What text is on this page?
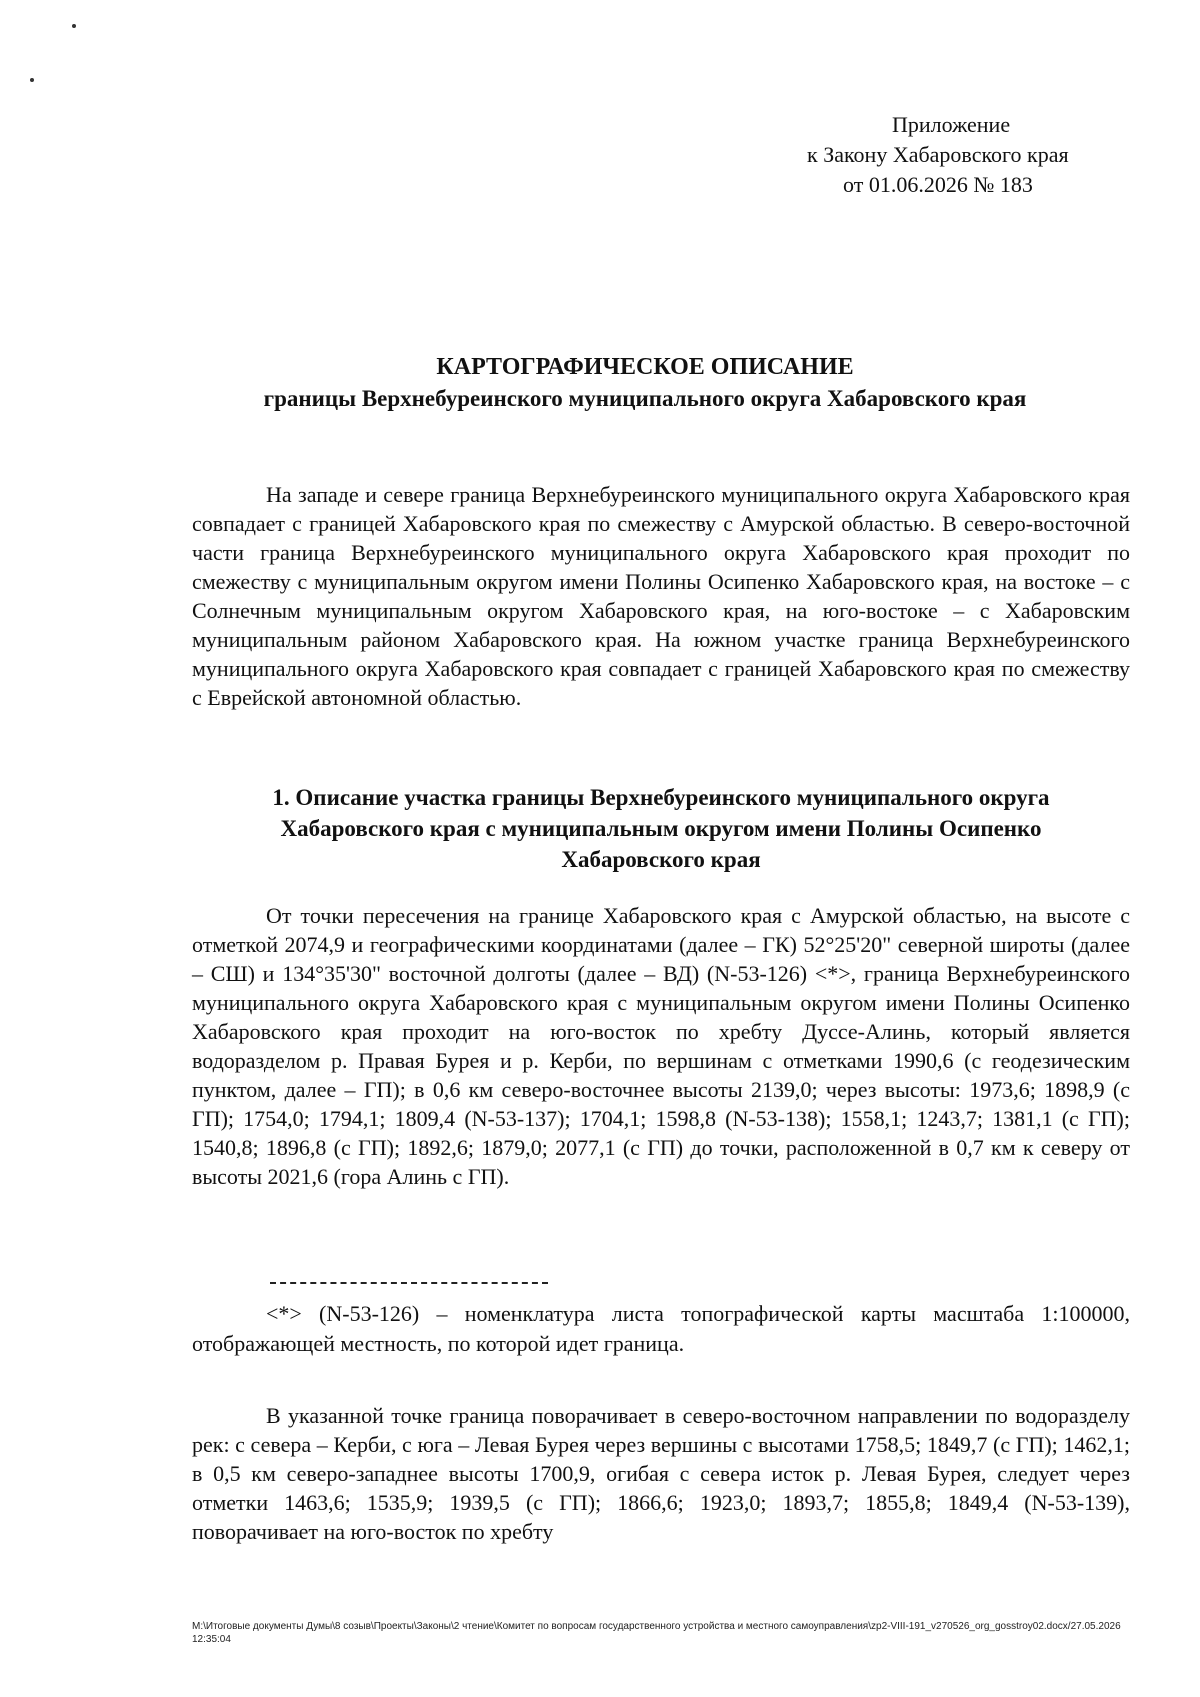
Приложение
к Закону Хабаровского края
от 01.06.2026 № 183
КАРТОГРАФИЧЕСКОЕ ОПИСАНИЕ
границы Верхнебуреинского муниципального округа Хабаровского края

На западе и севере граница Верхнебуреинского муниципального округа Хабаровского края совпадает с границей Хабаровского края по смежеству с Амурской областью. В северо-восточной части граница Верхнебуреинского муниципального округа Хабаровского края проходит по смежеству с муниципальным округом имени Полины Осипенко Хабаровского края, на востоке – с Солнечным муниципальным округом Хабаровского края, на юго-востоке – с Хабаровским муниципальным районом Хабаровского края. На южном участке граница Верхнебуреинского муниципального округа Хабаровского края совпадает с границей Хабаровского края по смежеству с Еврейской автономной областью.

1. Описание участка границы Верхнебуреинского муниципального округа
Хабаровского края с муниципальным округом имени Полины Осипенко
Хабаровского края

От точки пересечения на границе Хабаровского края с Амурской областью, на высоте с отметкой 2074,9 и географическими координатами (далее – ГК) 52°25'20" северной широты (далее – СШ) и 134°35'30" восточной долготы (далее – ВД) (N-53-126) <*>, граница Верхнебуреинского муниципального округа Хабаровского края с муниципальным округом имени Полины Осипенко Хабаровского края проходит на юго-восток по хребту Дуссе-Алинь, который является водоразделом р. Правая Бурея и р. Керби, по вершинам с отметками 1990,6 (с геодезическим пунктом, далее – ГП); в 0,6 км северо-восточнее высоты 2139,0; через высоты: 1973,6; 1898,9 (с ГП); 1754,0; 1794,1; 1809,4 (N-53-137); 1704,1; 1598,8 (N-53-138); 1558,1; 1243,7; 1381,1 (с ГП); 1540,8; 1896,8 (с ГП); 1892,6; 1879,0; 2077,1 (с ГП) до точки, расположенной в 0,7 км к северу от высоты 2021,6 (гора Алинь с ГП).

<*> (N-53-126) – номенклатура листа топографической карты масштаба 1:100000, отображающей местность, по которой идет граница.

В указанной точке граница поворачивает в северо-восточном направлении по водоразделу рек: с севера – Керби, с юга – Левая Бурея через вершины с высотами 1758,5; 1849,7 (с ГП); 1462,1; в 0,5 км северо-западнее высоты 1700,9, огибая с севера исток р. Левая Бурея, следует через отметки 1463,6; 1535,9; 1939,5 (с ГП); 1866,6; 1923,0; 1893,7; 1855,8; 1849,4 (N-53-139), поворачивает на юго-восток по хребту

M:\Итоговые документы Думы\8 созыв\Проекты\Законы\2 чтение\Комитет по вопросам государственного устройства и местного самоуправления\zp2-VIII-191_v270526_org_gosstroy02.docx/27.05.2026 12:35:04
